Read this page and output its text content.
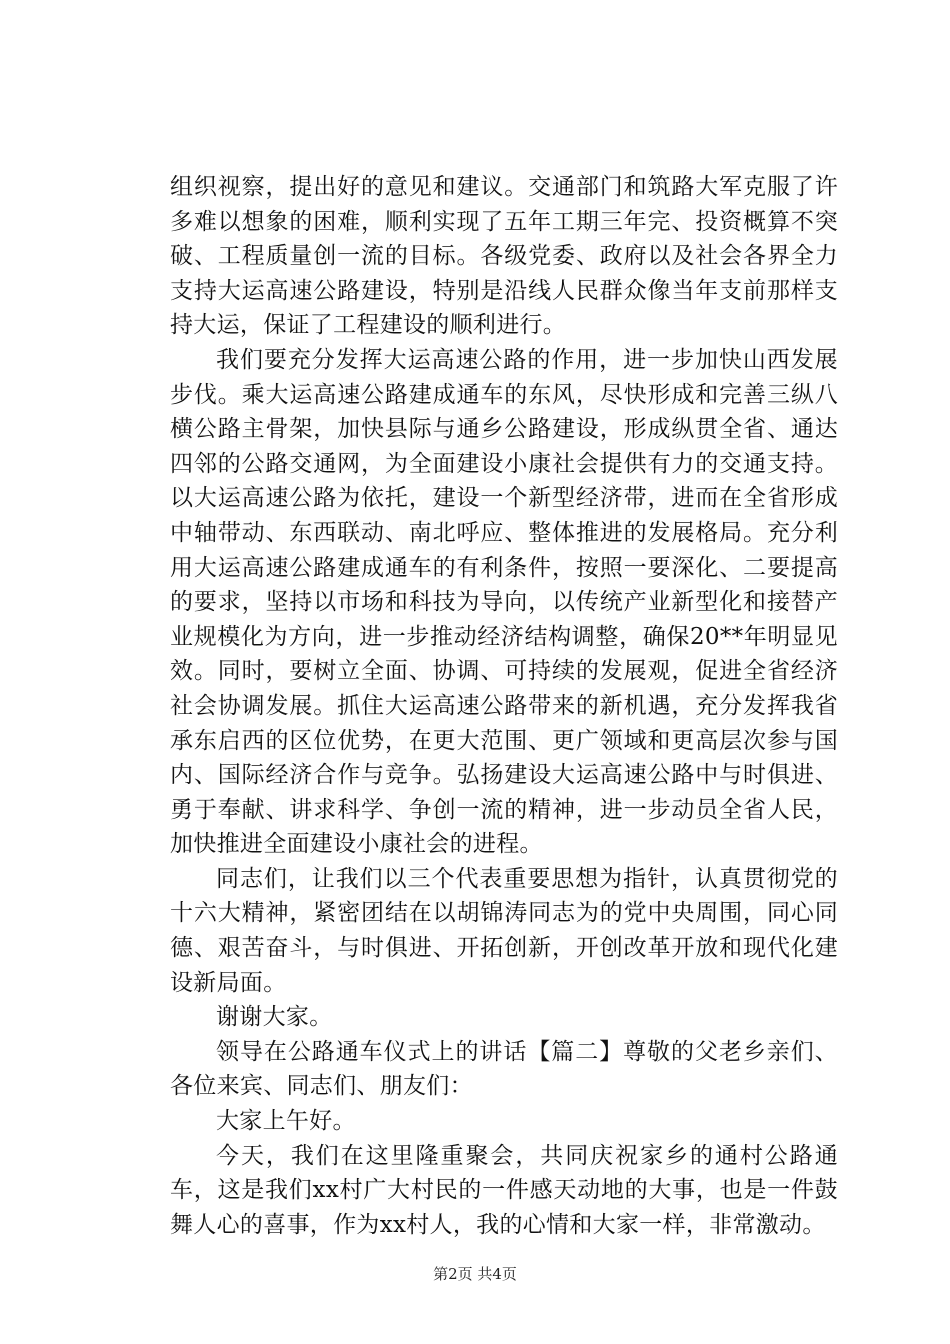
组织视察，提出好的意见和建议。交通部门和筑路大军克服了许多难以想象的困难，顺利实现了五年工期三年完、投资概算不突破、工程质量创一流的目标。各级党委、政府以及社会各界全力支持大运高速公路建设，特别是沿线人民群众像当年支前那样支持大运，保证了工程建设的顺利进行。

我们要充分发挥大运高速公路的作用，进一步加快山西发展步伐。乘大运高速公路建成通车的东风，尽快形成和完善三纵八横公路主骨架，加快县际与通乡公路建设，形成纵贯全省、通达四邻的公路交通网，为全面建设小康社会提供有力的交通支持。以大运高速公路为依托，建设一个新型经济带，进而在全省形成中轴带动、东西联动、南北呼应、整体推进的发展格局。充分利用大运高速公路建成通车的有利条件，按照一要深化、二要提高的要求，坚持以市场和科技为导向，以传统产业新型化和接替产业规模化为方向，进一步推动经济结构调整，确保20**年明显见效。同时，要树立全面、协调、可持续的发展观，促进全省经济社会协调发展。抓住大运高速公路带来的新机遇，充分发挥我省承东启西的区位优势，在更大范围、更广领域和更高层次参与国内、国际经济合作与竞争。弘扬建设大运高速公路中与时俱进、勇于奉献、讲求科学、争创一流的精神，进一步动员全省人民，加快推进全面建设小康社会的进程。

同志们，让我们以三个代表重要思想为指针，认真贯彻党的十六大精神，紧密团结在以胡锦涛同志为的党中央周围，同心同德、艰苦奋斗，与时俱进、开拓创新，开创改革开放和现代化建设新局面。

谢谢大家。

领导在公路通车仪式上的讲话【篇二】尊敬的父老乡亲们、各位来宾、同志们、朋友们：

大家上午好。

今天，我们在这里隆重聚会，共同庆祝家乡的通村公路通车，这是我们xx村广大村民的一件感天动地的大事，也是一件鼓舞人心的喜事，作为xx村人，我的心情和大家一样，非常激动。

第2页 共4页
